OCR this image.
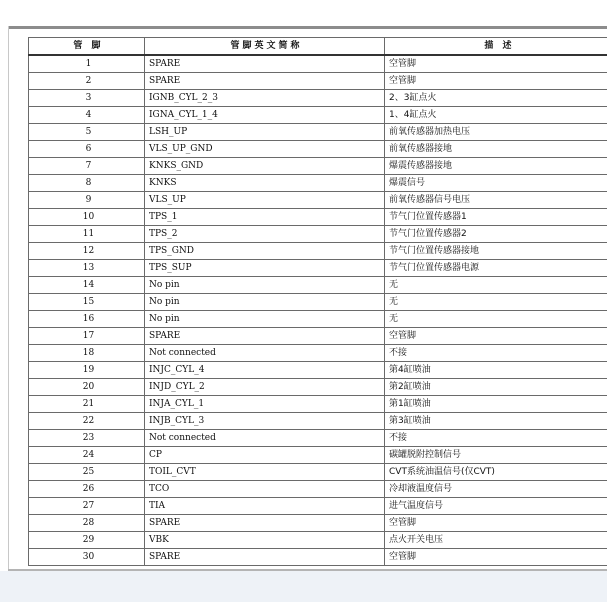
管 脚	管脚英文简称	描 述
1	SPARE	空管脚
2	SPARE	空管脚
3	IGNB_CYL_2_3	2、3缸点火
4	IGNA_CYL_1_4	1、4缸点火
5	LSH_UP	前氧传感器加热电压
6	VLS_UP_GND	前氧传感器接地
7	KNKS_GND	爆震传感器接地
8	KNKS	爆震信号
9	VLS_UP	前氧传感器信号电压
10	TPS_1	节气门位置传感器1
11	TPS_2	节气门位置传感器2
12	TPS_GND	节气门位置传感器接地
13	TPS_SUP	节气门位置传感器电源
14	No pin	无
15	No pin	无
16	No pin	无
17	SPARE	空管脚
18	Not connected	不接
19	INJC_CYL_4	第4缸喷油
20	INJD_CYL_2	第2缸喷油
21	INJA_CYL_1	第1缸喷油
22	INJB_CYL_3	第3缸喷油
23	Not connected	不接
24	CP	碳罐脱附控制信号
25	TOIL_CVT	CVT系统油温信号(仅CVT)
26	TCO	冷却液温度信号
27	TIA	进气温度信号
28	SPARE	空管脚
29	VBK	点火开关电压
30	SPARE	空管脚
